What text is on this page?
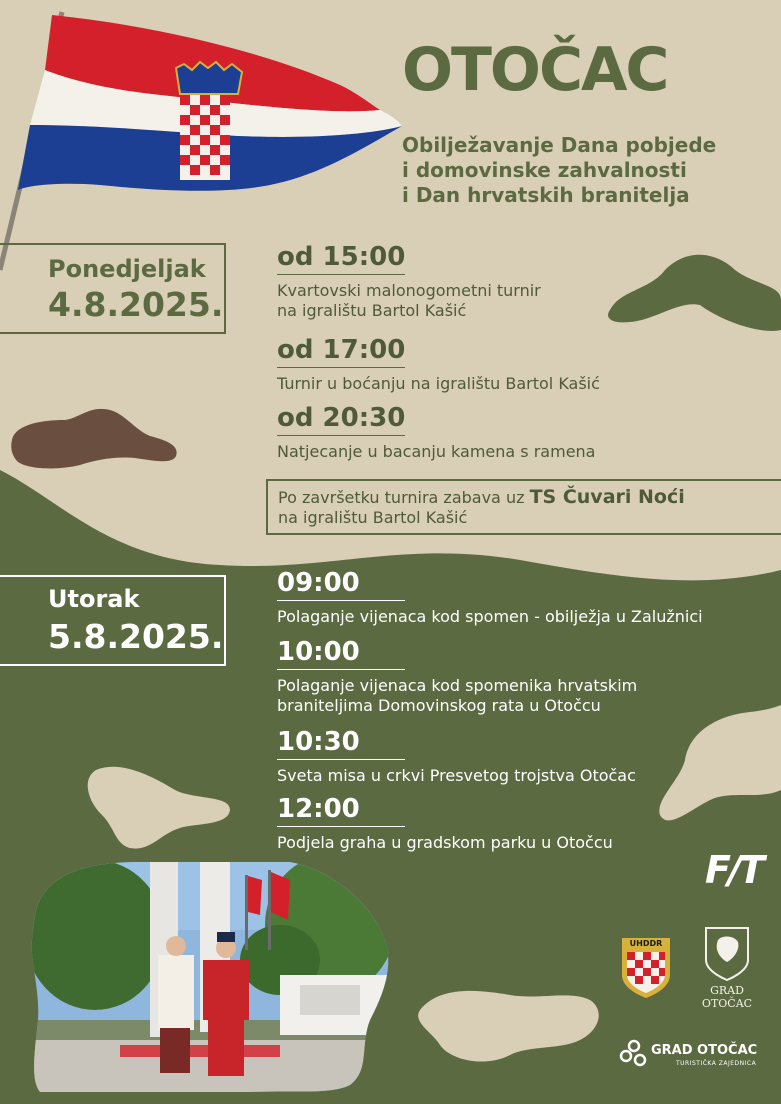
OTOČAC
Obilježavanje Dana pobjede
i domovinske zahvalnosti
i Dan hrvatskih branitelja
Ponedjeljak
4.8.2025.
od 15:00
Kvartovski malonogometni turnir
na igralištu Bartol Kašić
od 17:00
Turnir u boćanju na igralištu Bartol Kašić
od 20:30
Natjecanje u bacanju kamena s ramena
Po završetku turnira zabava uz TS Čuvari Noći
na igralištu Bartol Kašić
Utorak
5.8.2025.
09:00
Polaganje vijenaca kod spomen - obilježja u Zalužnici
10:00
Polaganje vijenaca kod spomenika hrvatskim
braniteljima Domovinskog rata u Otočcu
10:30
Sveta misa u crkvi Presvetog trojstva Otočac
12:00
Podjela graha u gradskom parku u Otočcu
F/T
UHDDR
GRAD
OTOČAC
GRAD OTOČAC
TURISTIČKA ZAJEDNICA
